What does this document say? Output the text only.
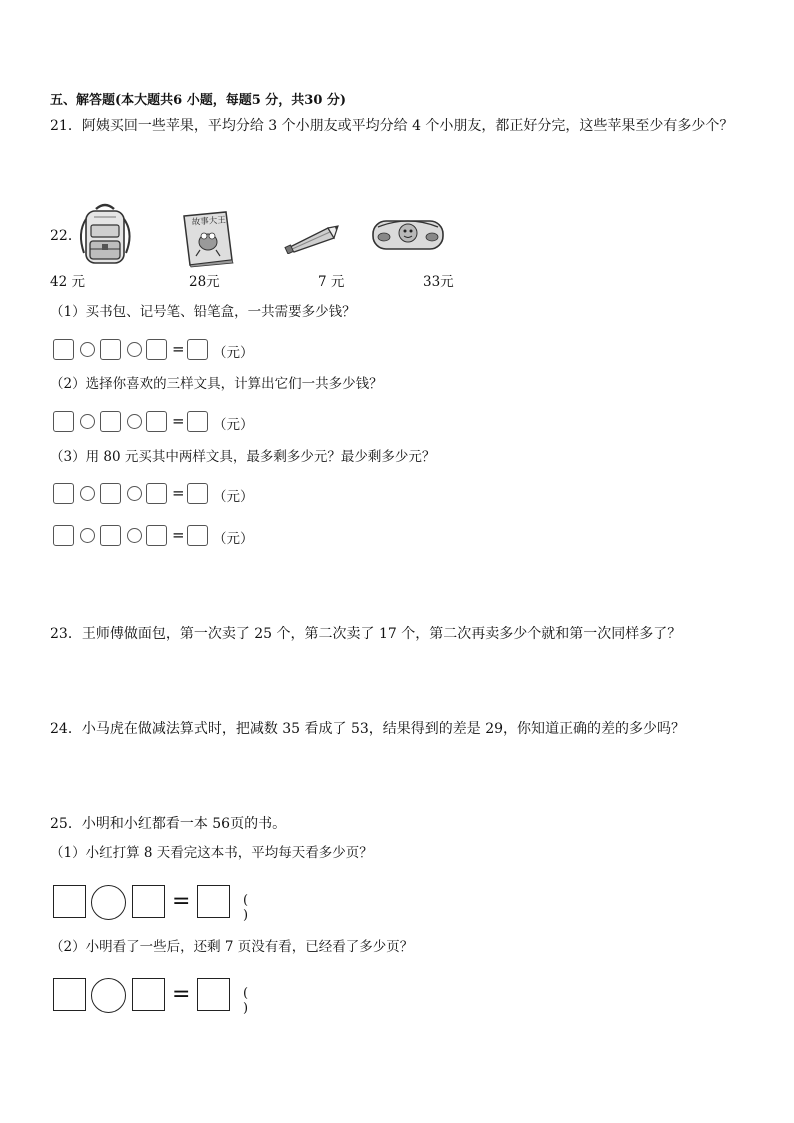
五、解答题(本大题共6 小题，每题5 分，共30 分)
21．阿姨买回一些苹果，平均分给 3 个小朋友或平均分给 4 个小朋友，都正好分完，这些苹果至少有多少个？
22．
故事大王
42 元	28元	7 元	33元
（1）买书包、记号笔、铅笔盒，一共需要多少钱？
= （元）
（2）选择你喜欢的三样文具，计算出它们一共多少钱？
= （元）
（3）用 80 元买其中两样文具，最多剩多少元？最少剩多少元？
= （元）
= （元）
23．王师傅做面包，第一次卖了 25 个，第二次卖了 17 个，第二次再卖多少个就和第一次同样多了？
24．小马虎在做减法算式时，把减数 35 看成了 53，结果得到的差是 29，你知道正确的差的多少吗？
25．小明和小红都看一本 56页的书。
（1）小红打算 8 天看完这本书，平均每天看多少页？
=	( )
（2）小明看了一些后，还剩 7 页没有看，已经看了多少页？
=	( )
